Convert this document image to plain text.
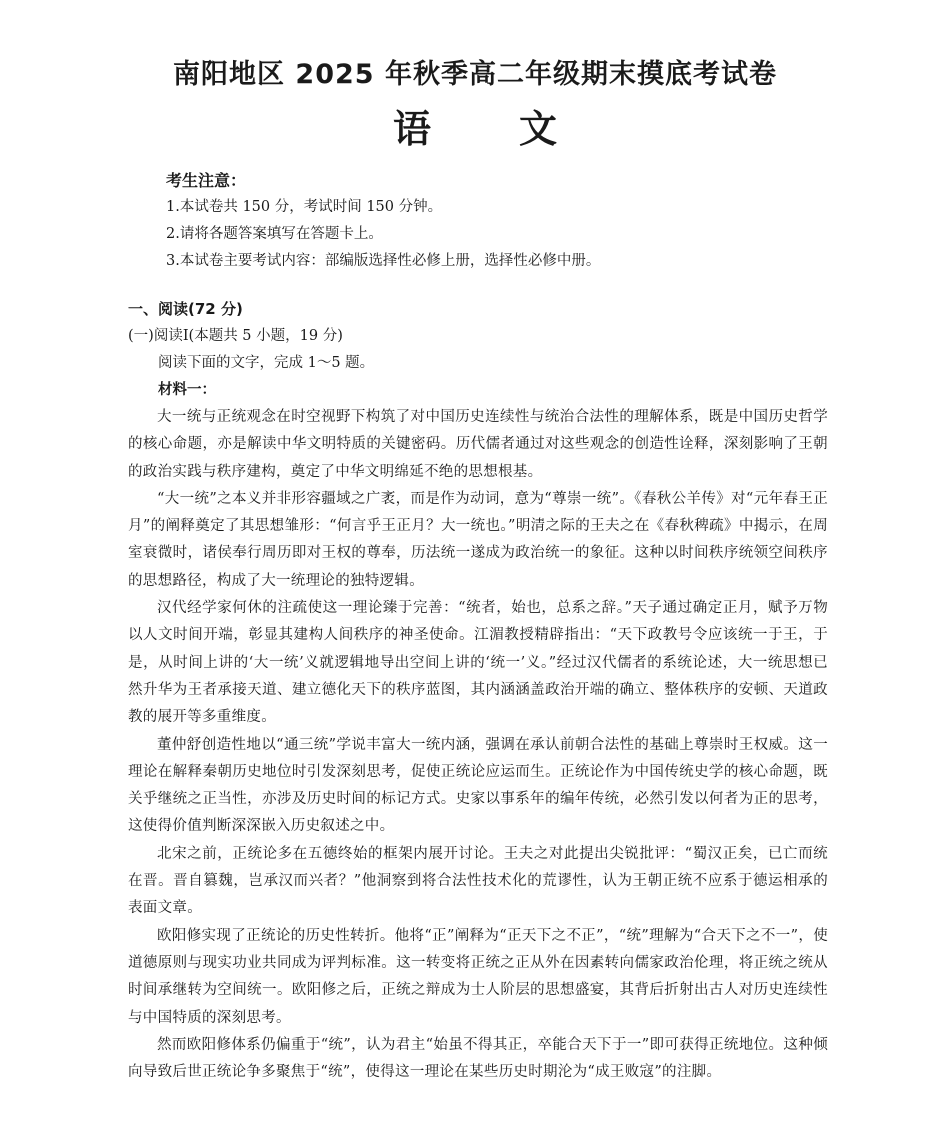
南阳地区 2025 年秋季高二年级期末摸底考试卷
语 文
考生注意：
1.本试卷共 150 分，考试时间 150 分钟。
2.请将各题答案填写在答题卡上。
3.本试卷主要考试内容：部编版选择性必修上册，选择性必修中册。
一、阅读(72 分)
(一)阅读Ⅰ(本题共 5 小题，19 分)
阅读下面的文字，完成 1～5 题。
材料一：

大一统与正统观念在时空视野下构筑了对中国历史连续性与统治合法性的理解体系，既是中国历史哲学的核心命题，亦是解读中华文明特质的关键密码。历代儒者通过对这些观念的创造性诠释，深刻影响了王朝的政治实践与秩序建构，奠定了中华文明绵延不绝的思想根基。

“大一统”之本义并非形容疆域之广袤，而是作为动词，意为“尊崇一统”。《春秋公羊传》对“元年春王正月”的阐释奠定了其思想雏形：“何言乎王正月？大一统也。”明清之际的王夫之在《春秋稗疏》中揭示，在周室衰微时，诸侯奉行周历即对王权的尊奉，历法统一遂成为政治统一的象征。这种以时间秩序统领空间秩序的思想路径，构成了大一统理论的独特逻辑。

汉代经学家何休的注疏使这一理论臻于完善：“统者，始也，总系之辞。”天子通过确定正月，赋予万物以人文时间开端，彰显其建构人间秩序的神圣使命。江湄教授精辟指出：“天下政教号令应该统一于王，于是，从时间上讲的‘大一统’义就逻辑地导出空间上讲的‘统一’义。”经过汉代儒者的系统论述，大一统思想已然升华为王者承接天道、建立德化天下的秩序蓝图，其内涵涵盖政治开端的确立、整体秩序的安顿、天道政教的展开等多重维度。

董仲舒创造性地以“通三统”学说丰富大一统内涵，强调在承认前朝合法性的基础上尊崇时王权威。这一理论在解释秦朝历史地位时引发深刻思考，促使正统论应运而生。正统论作为中国传统史学的核心命题，既关乎继统之正当性，亦涉及历史时间的标记方式。史家以事系年的编年传统，必然引发以何者为正的思考，这使得价值判断深深嵌入历史叙述之中。

北宋之前，正统论多在五德终始的框架内展开讨论。王夫之对此提出尖锐批评：“蜀汉正矣，已亡而统在晋。晋自篡魏，岂承汉而兴者？”他洞察到将合法性技术化的荒谬性，认为王朝正统不应系于德运相承的表面文章。

欧阳修实现了正统论的历史性转折。他将“正”阐释为“正天下之不正”，“统”理解为“合天下之不一”，使道德原则与现实功业共同成为评判标准。这一转变将正统之正从外在因素转向儒家政治伦理，将正统之统从时间承继转为空间统一。欧阳修之后，正统之辩成为士人阶层的思想盛宴，其背后折射出古人对历史连续性与中国特质的深刻思考。

然而欧阳修体系仍偏重于“统”，认为君主“始虽不得其正，卒能合天下于一”即可获得正统地位。这种倾向导致后世正统论争多聚焦于“统”，使得这一理论在某些历史时期沦为“成王败寇”的注脚。
